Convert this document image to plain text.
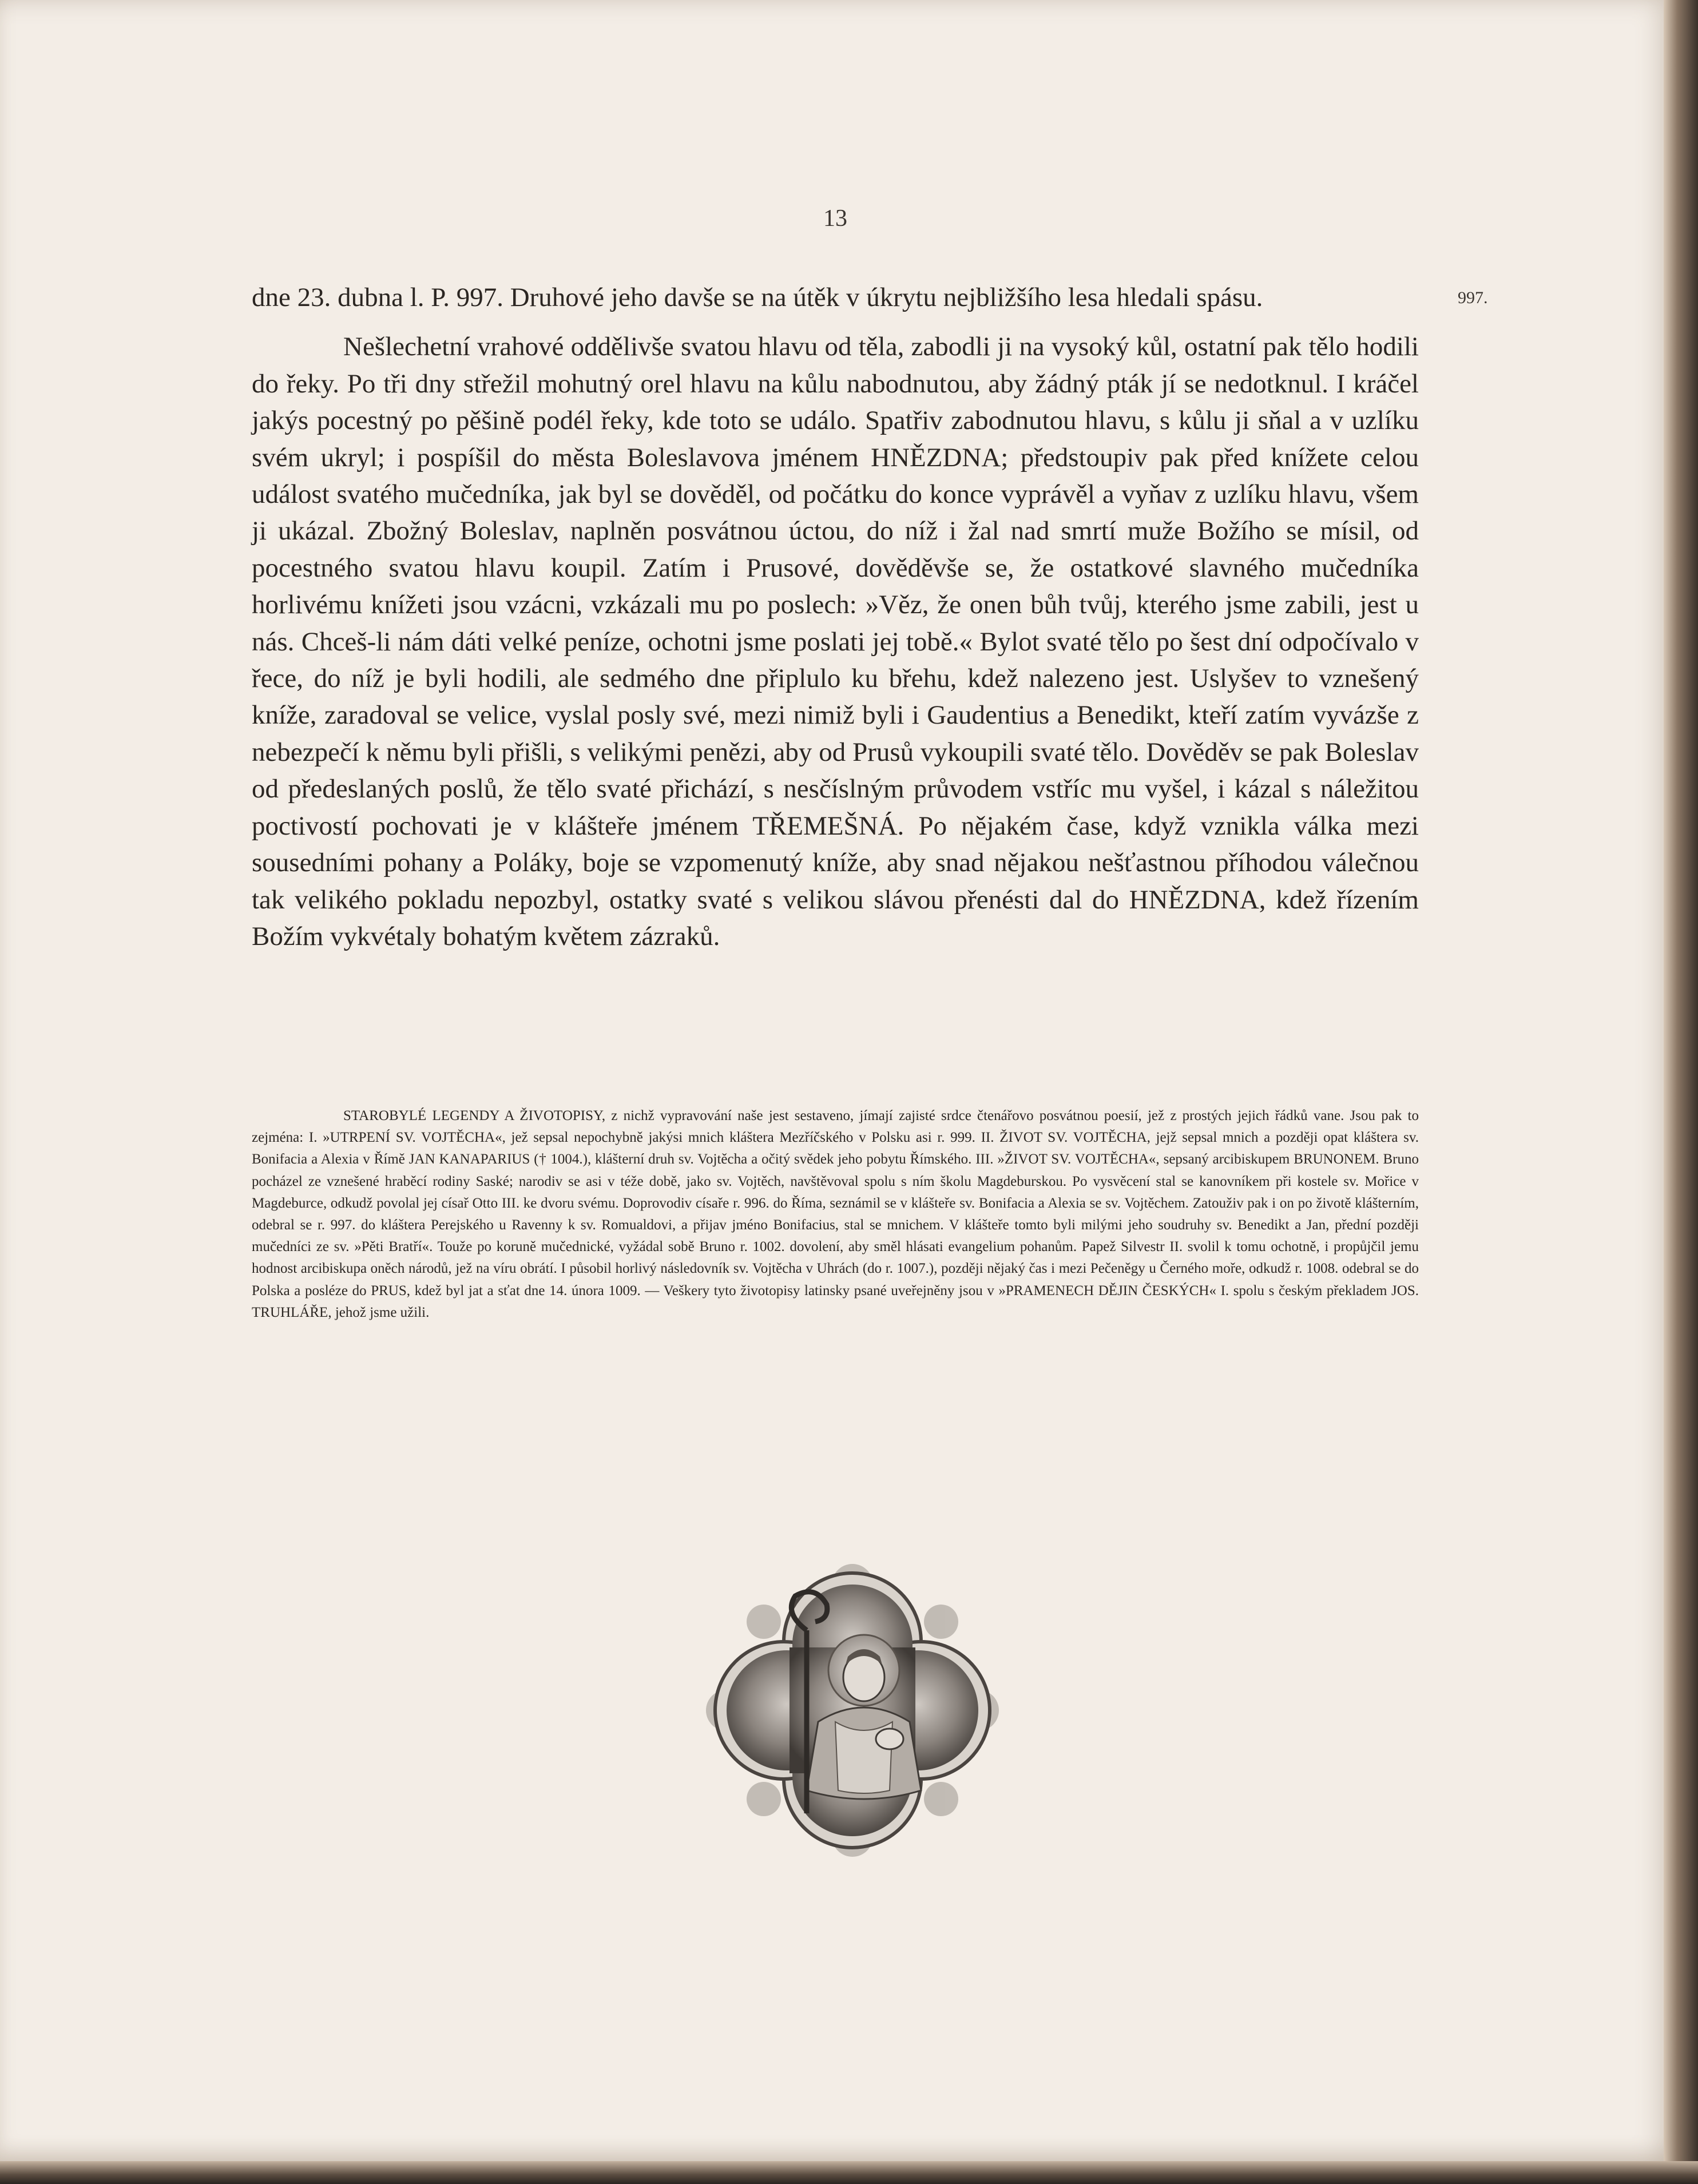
13
997.

dne 23. dubna l. P. 997. Druhové jeho davše se na útěk v úkrytu nejbližšího lesa hledali spásu.

Nešlechetní vrahové oddělivše svatou hlavu od těla, zabodli ji na vysoký kůl, ostatní pak tělo hodili do řeky. Po tři dny střežil mohutný orel hlavu na kůlu nabodnutou, aby žádný pták jí se nedotknul. I kráčel jakýs pocestný po pěšině podél řeky, kde toto se událo. Spatřiv zabodnutou hlavu, s kůlu ji sňal a v uzlíku svém ukryl; i pospíšil do města Boleslavova jménem HNĚZDNA; předstoupiv pak před knížete celou událost svatého mučedníka, jak byl se dověděl, od počátku do konce vyprávěl a vyňav z uzlíku hlavu, všem ji ukázal. Zbožný Boleslav, naplněn posvátnou úctou, do níž i žal nad smrtí muže Božího se mísil, od pocestného svatou hlavu koupil. Zatím i Prusové, dověděvše se, že ostatkové slavného mučedníka horlivému knížeti jsou vzácni, vzkázali mu po poslech: »Věz, že onen bůh tvůj, kterého jsme zabili, jest u nás. Chceš-li nám dáti velké peníze, ochotni jsme poslati jej tobě.« Bylot svaté tělo po šest dní odpočívalo v řece, do níž je byli hodili, ale sedmého dne připlulo ku břehu, kdež nalezeno jest. Uslyšev to vznešený kníže, zaradoval se velice, vyslal posly své, mezi nimiž byli i Gaudentius a Benedikt, kteří zatím vyvázše z nebezpečí k němu byli přišli, s velikými penězi, aby od Prusů vykoupili svaté tělo. Dověděv se pak Boleslav od předeslaných poslů, že tělo svaté přichází, s nesčíslným průvodem vstříc mu vyšel, i kázal s náležitou poctivostí pochovati je v klášteře jménem TŘEMEŠNÁ. Po nějakém čase, když vznikla válka mezi sousedními pohany a Poláky, boje se vzpomenutý kníže, aby snad nějakou nešťastnou příhodou válečnou tak velikého pokladu nepozbyl, ostatky svaté s velikou slávou přenésti dal do HNĚZDNA, kdež řízením Božím vykvétaly bohatým květem zázraků.

STAROBYLÉ LEGENDY A ŽIVOTOPISY, z nichž vypravování naše jest sestaveno, jímají zajisté srdce čtenářovo posvátnou poesií, jež z prostých jejich řádků vane. Jsou pak to zejména: I. »UTRPENÍ SV. VOJTĚCHA«, jež sepsal nepochybně jakýsi mnich kláštera Mezříčského v Polsku asi r. 999. II. ŽIVOT SV. VOJTĚCHA, jejž sepsal mnich a později opat kláštera sv. Bonifacia a Alexia v Římě JAN KANAPARIUS († 1004.), klášterní druh sv. Vojtěcha a očitý svědek jeho pobytu Římského. III. »ŽIVOT SV. VOJTĚCHA«, sepsaný arcibiskupem BRUNONEM. Bruno pocházel ze vznešené hraběcí rodiny Saské; narodiv se asi v téže době, jako sv. Vojtěch, navštěvoval spolu s ním školu Magdeburskou. Po vysvěcení stal se kanovníkem při kostele sv. Mořice v Magdeburce, odkudž povolal jej císař Otto III. ke dvoru svému. Doprovodiv císaře r. 996. do Říma, seznámil se v klášteře sv. Bonifacia a Alexia se sv. Vojtěchem. Zatouživ pak i on po životě klášterním, odebral se r. 997. do kláštera Perejského u Ravenny k sv. Romualdovi, a přijav jméno Bonifacius, stal se mnichem. V klášteře tomto byli milými jeho soudruhy sv. Benedikt a Jan, přední později mučedníci ze sv. »Pěti Bratří«. Touže po koruně mučednické, vyžádal sobě Bruno r. 1002. dovolení, aby směl hlásati evangelium pohanům. Papež Silvestr II. svolil k tomu ochotně, i propůjčil jemu hodnost arcibiskupa oněch národů, jež na víru obrátí. I působil horlivý následovník sv. Vojtěcha v Uhrách (do r. 1007.), později nějaký čas i mezi Pečeněgy u Černého moře, odkudž r. 1008. odebral se do Polska a posléze do PRUS, kdež byl jat a sťat dne 14. února 1009. — Veškery tyto životopisy latinsky psané uveřejněny jsou v »PRAMENECH DĚJIN ČESKÝCH« I. spolu s českým překladem JOS. TRUHLÁŘE, jehož jsme užili.
